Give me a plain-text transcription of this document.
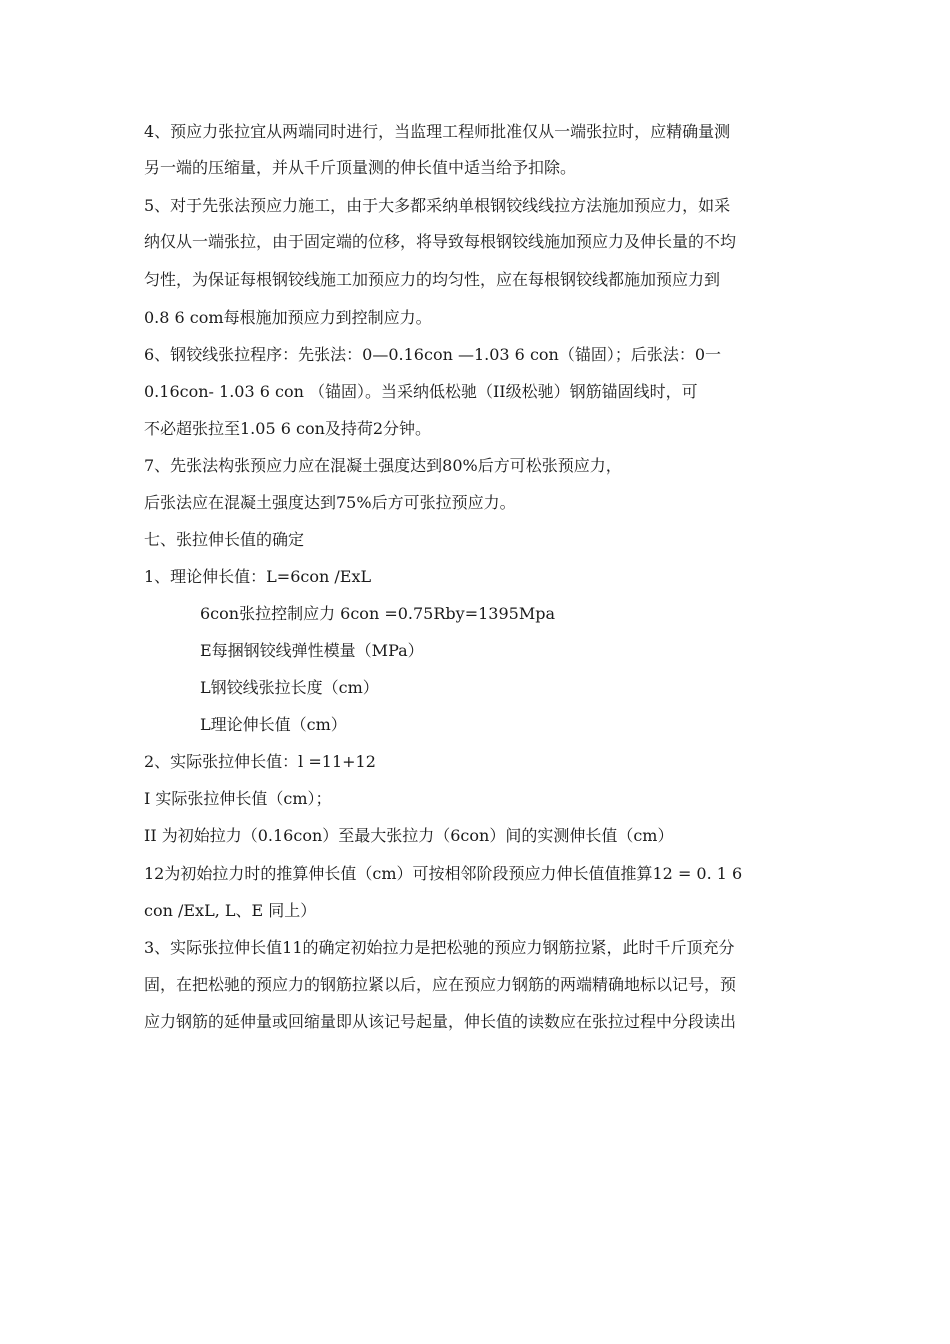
4、预应力张拉宜从两端同时进行，当监理工程师批准仅从一端张拉时，应精确量测
另一端的压缩量，并从千斤顶量测的伸长值中适当给予扣除。
5、对于先张法预应力施工，由于大多都采纳单根钢铰线线拉方法施加预应力，如采
纳仅从一端张拉，由于固定端的位移，将导致每根钢铰线施加预应力及伸长量的不均
匀性，为保证每根钢铰线施工加预应力的均匀性，应在每根钢铰线都施加预应力到
0.8 6 com每根施加预应力到控制应力。
6、钢铰线张拉程序：先张法：0—0.16con —1.03 6 con（锚固）；后张法：0一
0.16con- 1.03 6 con （锚固）。当采纳低松驰（II级松驰）钢筋锚固线时，可
不必超张拉至1.05 6 con及持荷2分钟。
7、先张法构张预应力应在混凝土强度达到80%后方可松张预应力，
后张法应在混凝土强度达到75%后方可张拉预应力。
七、张拉伸长值的确定
1、理论伸长值：L=6con /ExL
6con张拉控制应力 6con =0.75Rby=1395Mpa
E每捆钢铰线弹性模量（MPa）
L钢铰线张拉长度（cm）
L理论伸长值（cm）
2、实际张拉伸长值：l =11+12
I 实际张拉伸长值（cm）；
II 为初始拉力（0.16con）至最大张拉力（6con）间的实测伸长值（cm）
12为初始拉力时的推算伸长值（cm）可按相邻阶段预应力伸长值值推算12 = 0. 1 6
con /ExL, L、E 同上）
3、实际张拉伸长值11的确定初始拉力是把松驰的预应力钢筋拉紧，此时千斤顶充分
固，在把松驰的预应力的钢筋拉紧以后，应在预应力钢筋的两端精确地标以记号，预
应力钢筋的延伸量或回缩量即从该记号起量，伸长值的读数应在张拉过程中分段读出
